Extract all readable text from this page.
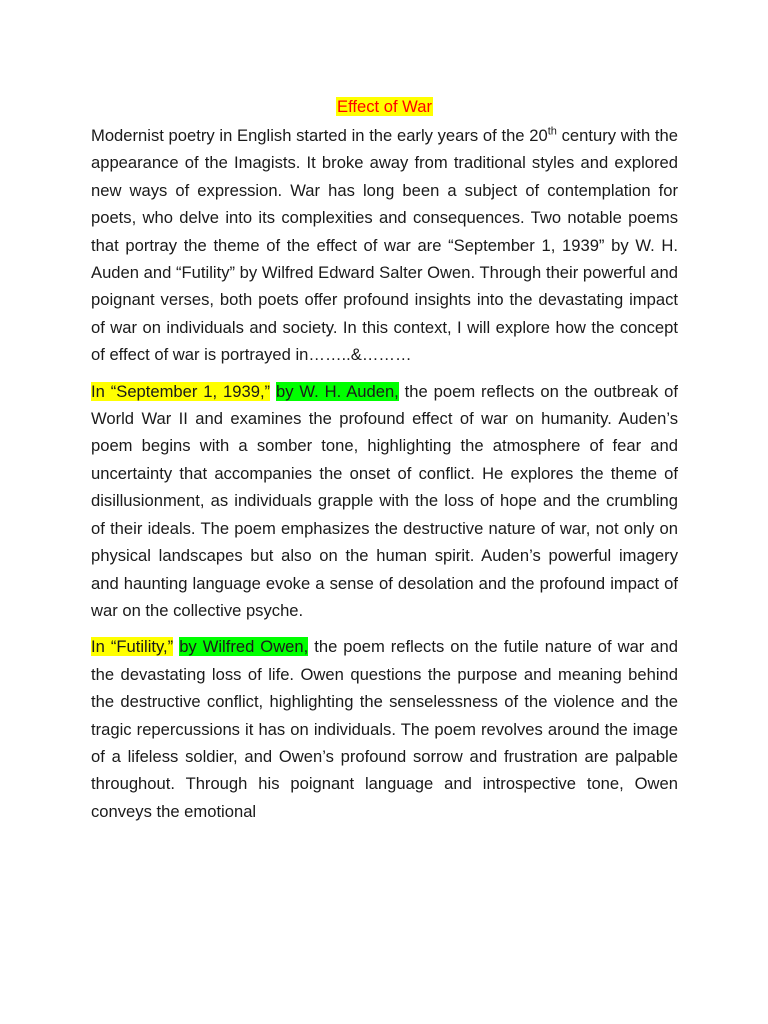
Effect of War

Modernist poetry in English started in the early years of the 20th century with the appearance of the Imagists. It broke away from traditional styles and explored new ways of expression. War has long been a subject of contemplation for poets, who delve into its complexities and consequences. Two notable poems that portray the theme of the effect of war are “September 1, 1939” by W. H. Auden and “Futility” by Wilfred Edward Salter Owen. Through their powerful and poignant verses, both poets offer profound insights into the devastating impact of war on individuals and society. In this context, I will explore how the concept of effect of war is portrayed in……..&………

In “September 1, 1939,” by W. H. Auden, the poem reflects on the outbreak of World War II and examines the profound effect of war on humanity. Auden’s poem begins with a somber tone, highlighting the atmosphere of fear and uncertainty that accompanies the onset of conflict. He explores the theme of disillusionment, as individuals grapple with the loss of hope and the crumbling of their ideals. The poem emphasizes the destructive nature of war, not only on physical landscapes but also on the human spirit. Auden’s powerful imagery and haunting language evoke a sense of desolation and the profound impact of war on the collective psyche.

In “Futility,” by Wilfred Owen, the poem reflects on the futile nature of war and the devastating loss of life. Owen questions the purpose and meaning behind the destructive conflict, highlighting the senselessness of the violence and the tragic repercussions it has on individuals. The poem revolves around the image of a lifeless soldier, and Owen’s profound sorrow and frustration are palpable throughout. Through his poignant language and introspective tone, Owen conveys the emotional
